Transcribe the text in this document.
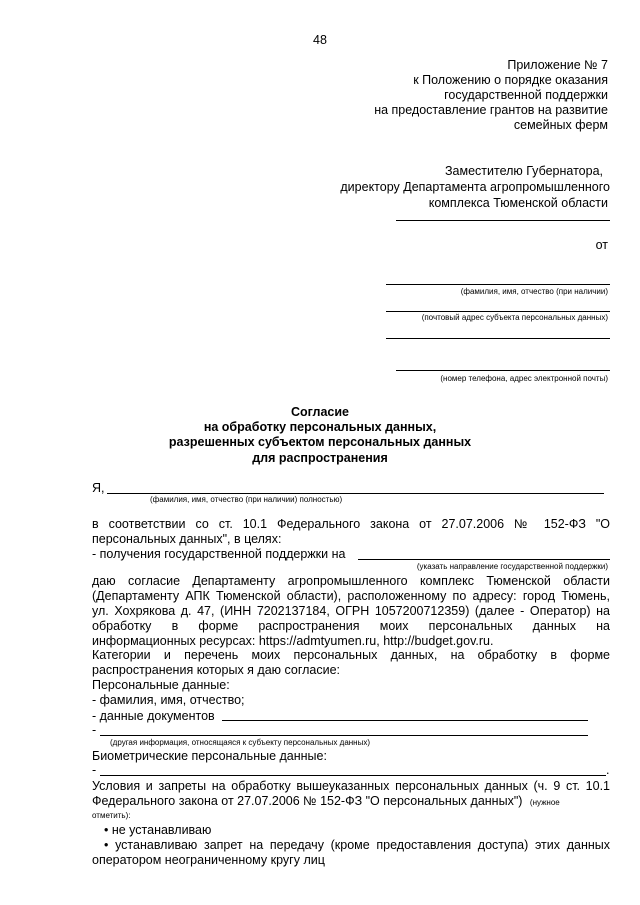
48
Приложение № 7
к Положению о порядке оказания
государственной поддержки
на предоставление грантов на развитие
семейных ферм
Заместителю Губернатора,
директору Департамента агропромышленного
комплекса Тюменской области
от
(фамилия, имя, отчество (при наличии)
(почтовый адрес субъекта персональных данных)
(номер телефона, адрес электронной почты)
Согласие
на обработку персональных данных,
разрешенных субъектом персональных данных
для распространения
Я,
(фамилия, имя, отчество (при наличии) полностью)
в соответствии со ст. 10.1 Федерального закона от 27.07.2006 № 152-ФЗ "О
персональных данных", в целях:
- получения государственной поддержки на
(указать направление государственной поддержки)
даю согласие Департаменту агропромышленного комплекс Тюменской области
(Департаменту АПК Тюменской области), расположенному по адресу: город Тюмень,
ул. Хохрякова д. 47, (ИНН 7202137184, ОГРН 1057200712359) (далее - Оператор) на
обработку в форме распространения моих персональных данных на
информационных ресурсах: https://admtyumen.ru, http://budget.gov.ru.
Категории и перечень моих персональных данных, на обработку в форме
распространения которых я даю согласие:
Персональные данные:
- фамилия, имя, отчество;
- данные документов
-
(другая информация, относящаяся к субъекту персональных данных)
Биометрические персональные данные:
-	.
Условия и запреты на обработку вышеуказанных персональных данных (ч. 9 ст. 10.1
Федерального закона от 27.07.2006 № 152-ФЗ "О персональных данных") (нужное
отметить):
• не устанавливаю
• устанавливаю запрет на передачу (кроме предоставления доступа) этих данных
оператором неограниченному кругу лиц
